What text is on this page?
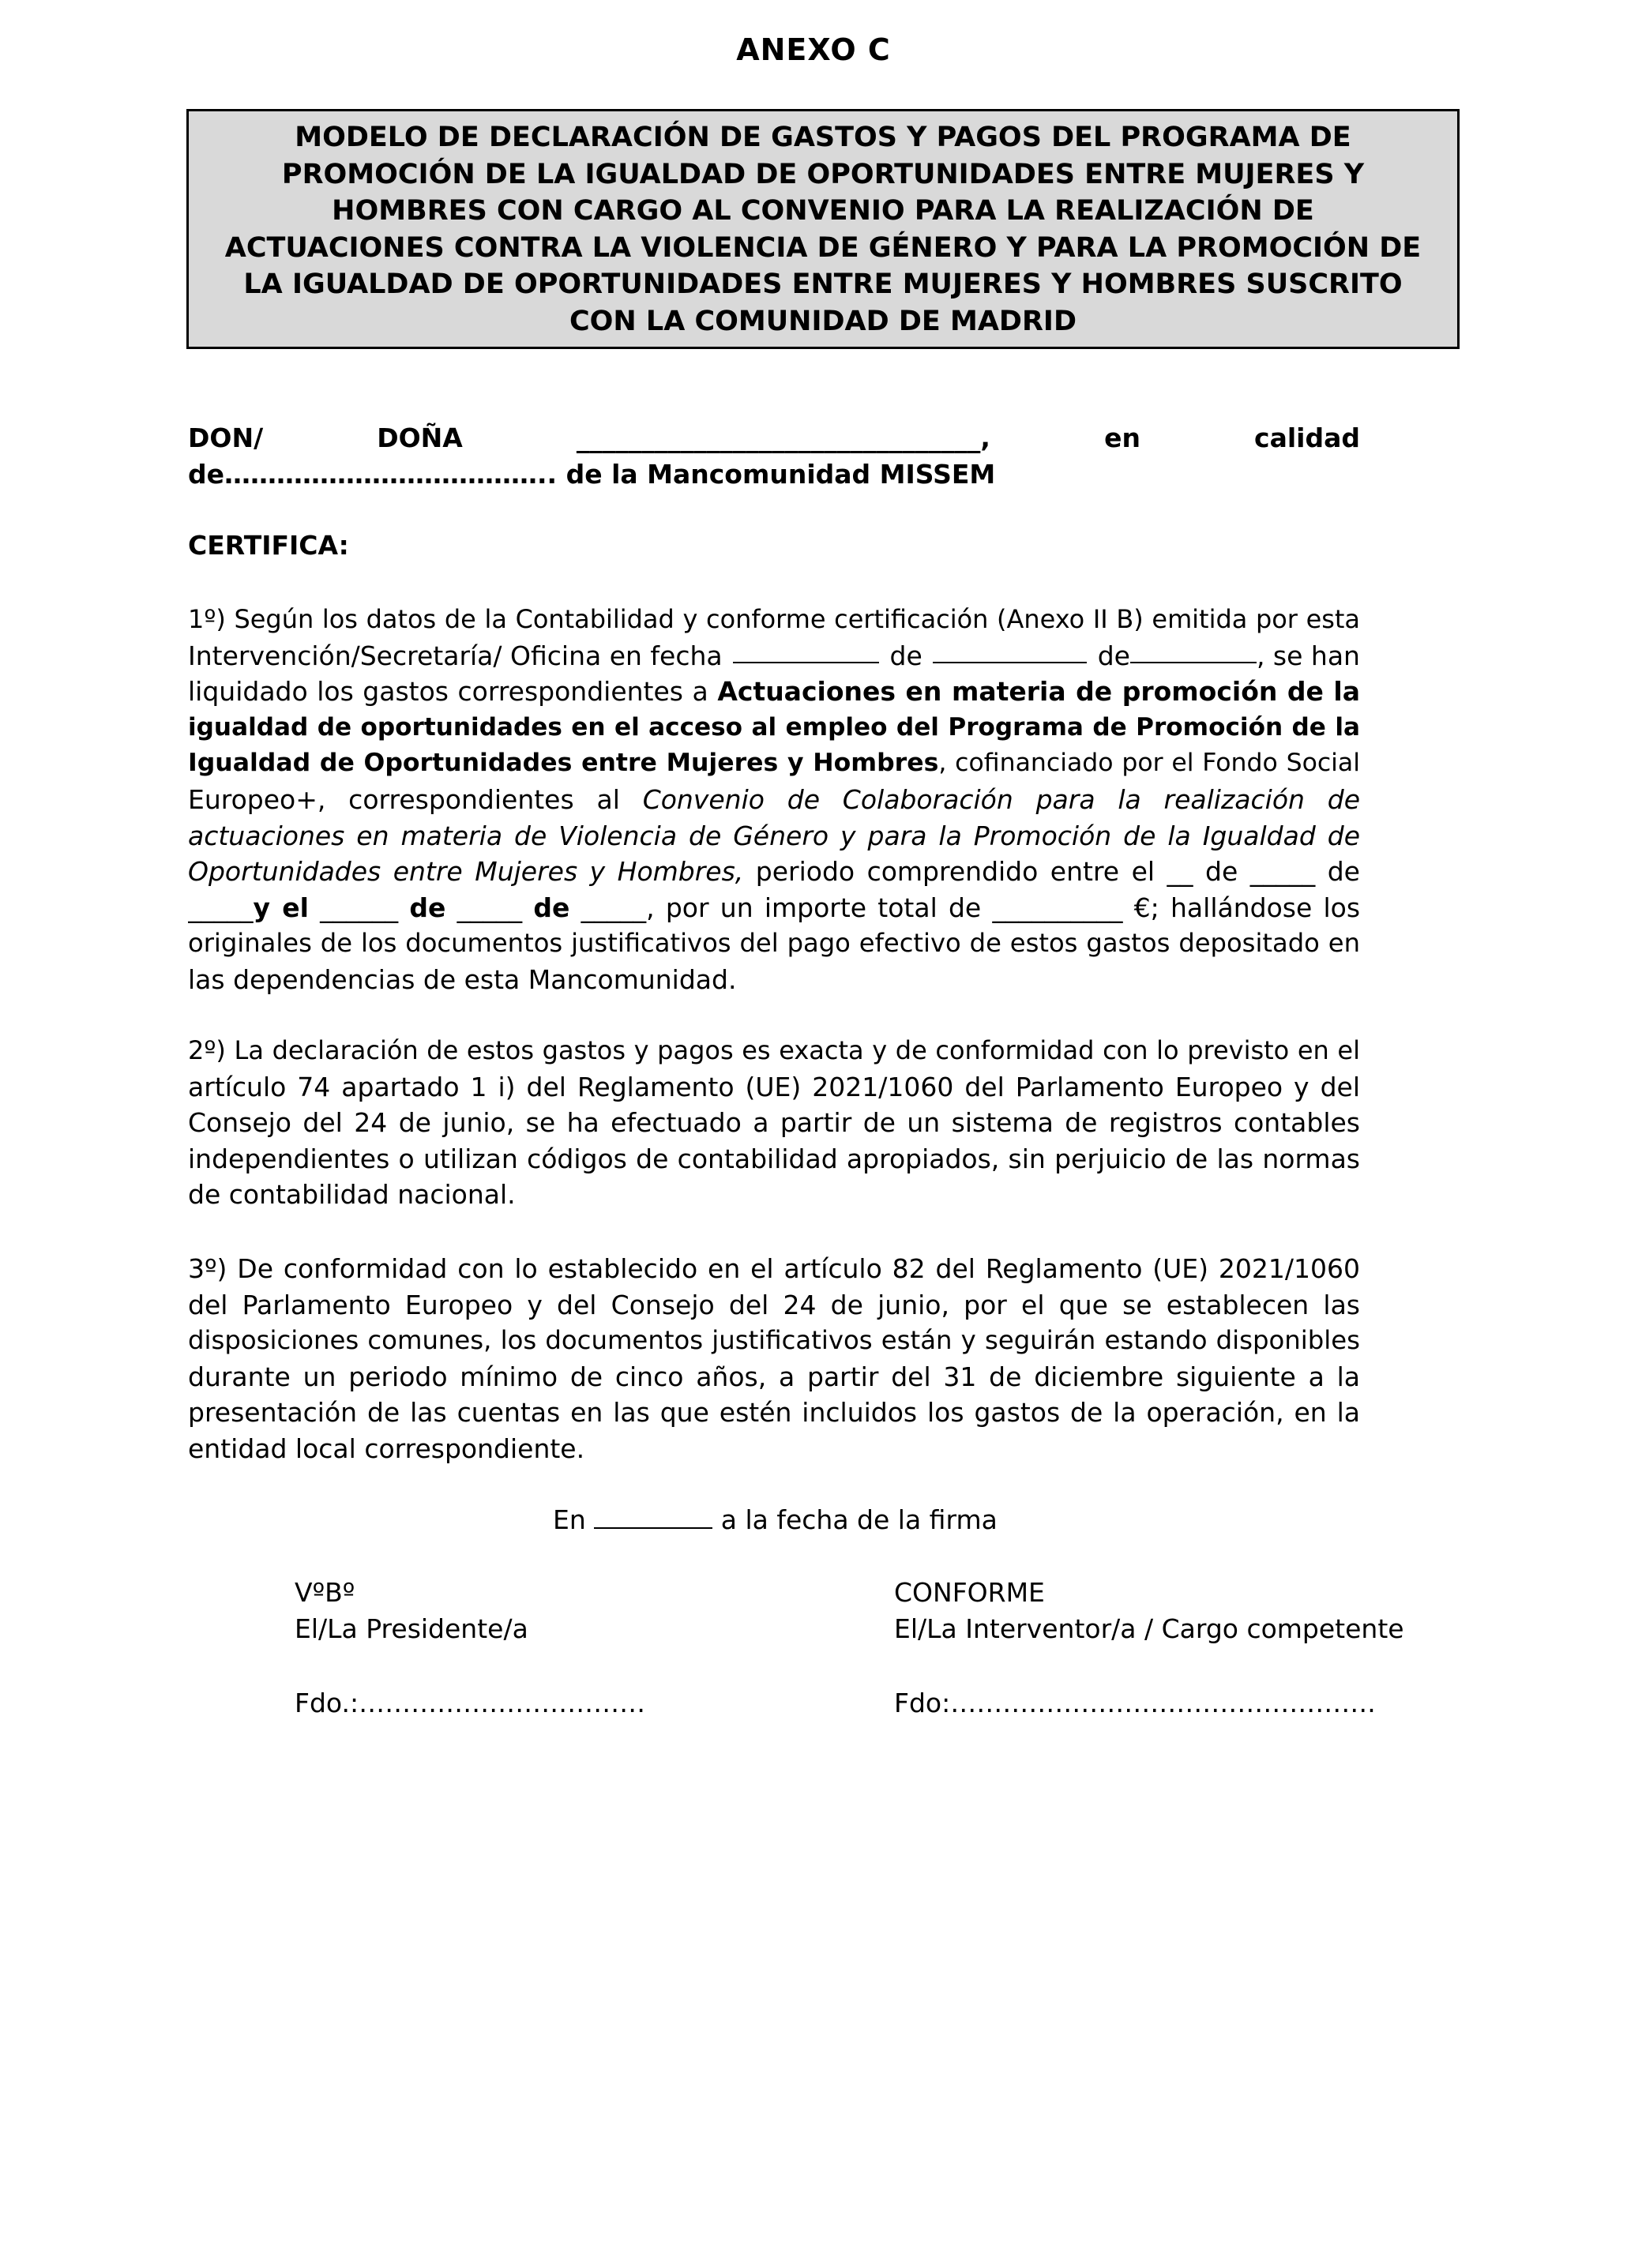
ANEXO C
MODELO DE DECLARACIÓN DE GASTOS Y PAGOS DEL PROGRAMA DE
PROMOCIÓN DE LA IGUALDAD DE OPORTUNIDADES ENTRE MUJERES Y
HOMBRES CON CARGO AL CONVENIO PARA LA REALIZACIÓN DE
ACTUACIONES CONTRA LA VIOLENCIA DE GÉNERO Y PARA LA PROMOCIÓN DE
LA IGUALDAD DE OPORTUNIDADES ENTRE MUJERES Y HOMBRES SUSCRITO
CON LA COMUNIDAD DE MADRID
DON/	DOÑA	_______________________________,	en	calidad
de……………………………….. de la Mancomunidad MISSEM
CERTIFICA:
1º) Según los datos de la Contabilidad y conforme certificación (Anexo II B) emitida por esta
Intervención/Secretaría/ Oficina en fecha	de	de	, se han
liquidado los gastos correspondientes a Actuaciones en materia de promoción de la
igualdad de oportunidades en el acceso al empleo del Programa de Promoción de la
Igualdad de Oportunidades entre Mujeres y Hombres, cofinanciado por el Fondo Social
Europeo+, correspondientes al Convenio de Colaboración para la realización de
actuaciones en materia de Violencia de Género y para la Promoción de la Igualdad de
Oportunidades entre Mujeres y Hombres, periodo comprendido entre el __ de _____ de
_____y el ______ de _____ de _____, por un importe total de __________ €; hallándose los
originales de los documentos justificativos del pago efectivo de estos gastos depositado en
las dependencias de esta Mancomunidad.
2º) La declaración de estos gastos y pagos es exacta y de conformidad con lo previsto en el
artículo 74 apartado 1 i) del Reglamento (UE) 2021/1060 del Parlamento Europeo y del
Consejo del 24 de junio, se ha efectuado a partir de un sistema de registros contables
independientes o utilizan códigos de contabilidad apropiados, sin perjuicio de las normas
de contabilidad nacional.
3º) De conformidad con lo establecido en el artículo 82 del Reglamento (UE) 2021/1060
del Parlamento Europeo y del Consejo del 24 de junio, por el que se establecen las
disposiciones comunes, los documentos justificativos están y seguirán estando disponibles
durante un periodo mínimo de cinco años, a partir del 31 de diciembre siguiente a la
presentación de las cuentas en las que estén incluidos los gastos de la operación, en la
entidad local correspondiente.
En	a la fecha de la firma
VºBº
El/La Presidente/a
Fdo.:……………………………
CONFORME
El/La Interventor/a / Cargo competente
Fdo:………………………………………….
